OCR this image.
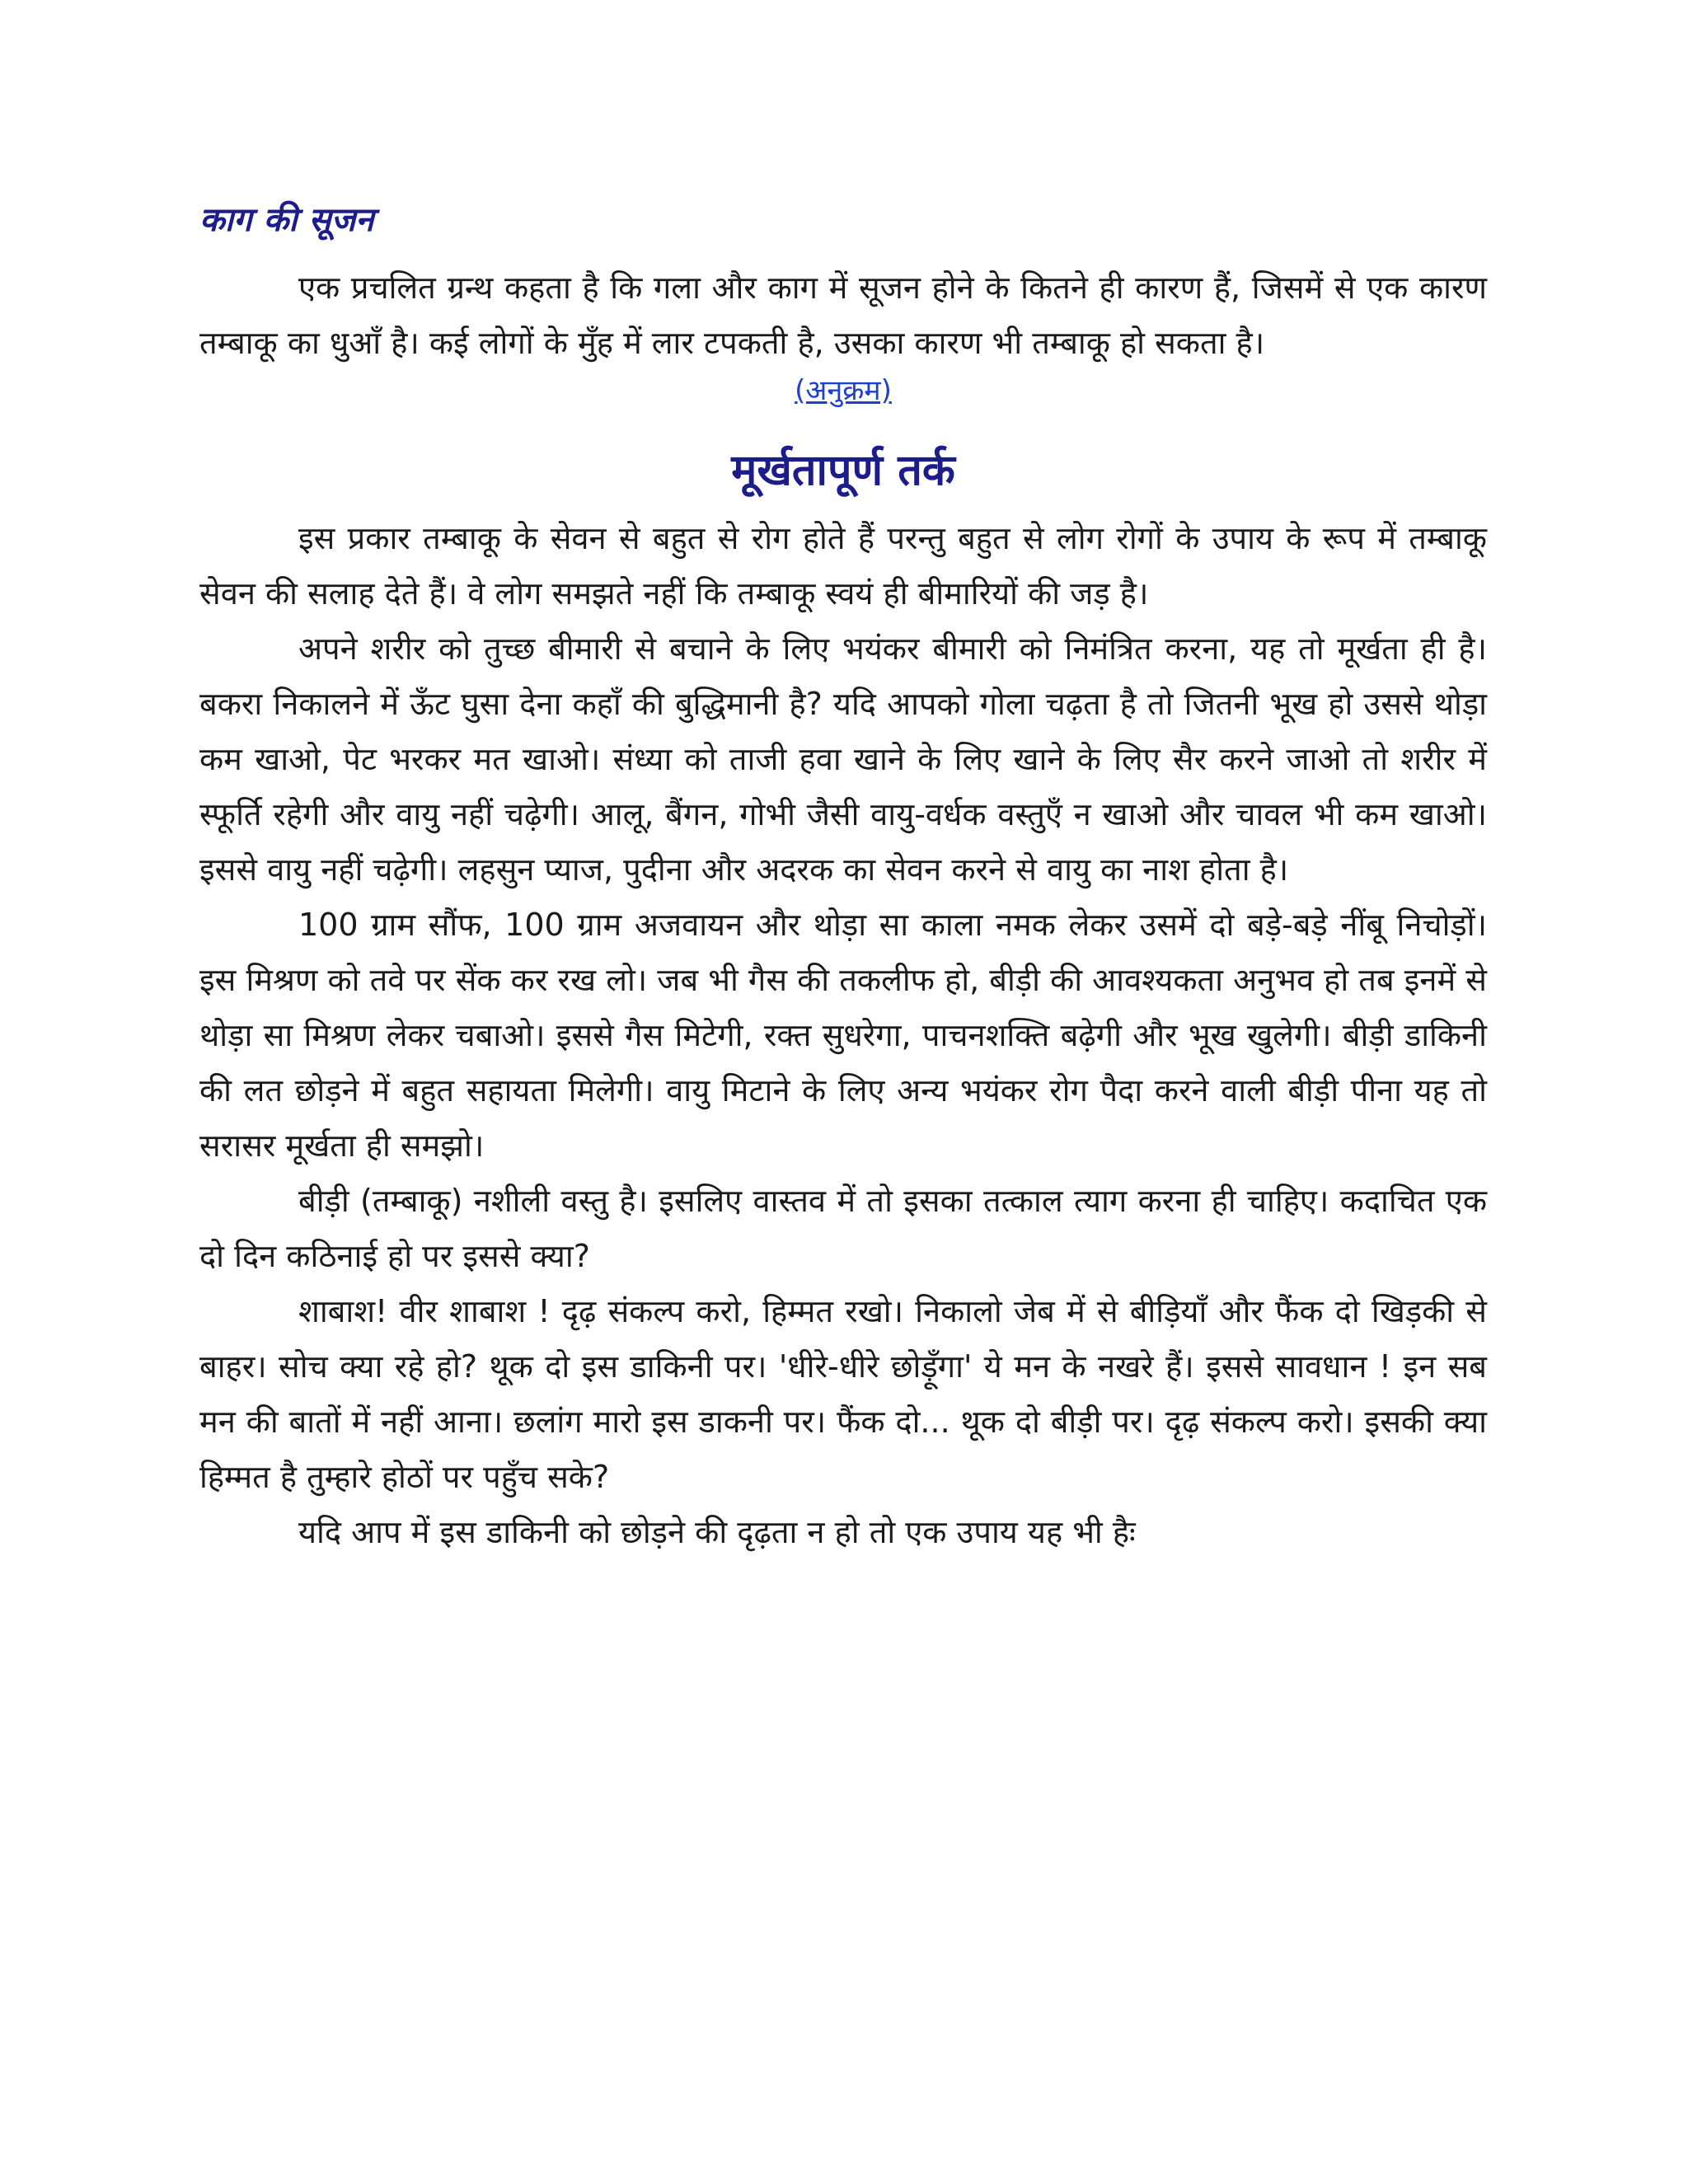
काग की सूजन

एक प्रचलित ग्रन्थ कहता है कि गला और काग में सूजन होने के कितने ही कारण हैं, जिसमें से एक कारण तम्बाकू का धुआँ है। कई लोगों के मुँह में लार टपकती है, उसका कारण भी तम्बाकू हो सकता है।

(अनुक्रम)
मूर्खतापूर्ण तर्क

इस प्रकार तम्बाकू के सेवन से बहुत से रोग होते हैं परन्तु बहुत से लोग रोगों के उपाय के रूप में तम्बाकू सेवन की सलाह देते हैं। वे लोग समझते नहीं कि तम्बाकू स्वयं ही बीमारियों की जड़ है।

अपने शरीर को तुच्छ बीमारी से बचाने के लिए भयंकर बीमारी को निमंत्रित करना, यह तो मूर्खता ही है। बकरा निकालने में ऊँट घुसा देना कहाँ की बुद्धिमानी है? यदि आपको गोला चढ़ता है तो जितनी भूख हो उससे थोड़ा कम खाओ, पेट भरकर मत खाओ। संध्या को ताजी हवा खाने के लिए खाने के लिए सैर करने जाओ तो शरीर में स्फूर्ति रहेगी और वायु नहीं चढ़ेगी। आलू, बैंगन, गोभी जैसी वायु-वर्धक वस्तुएँ न खाओ और चावल भी कम खाओ। इससे वायु नहीं चढ़ेगी। लहसुन प्याज, पुदीना और अदरक का सेवन करने से वायु का नाश होता है।

100 ग्राम सौंफ, 100 ग्राम अजवायन और थोड़ा सा काला नमक लेकर उसमें दो बड़े-बड़े नींबू निचोड़ों। इस मिश्रण को तवे पर सेंक कर रख लो। जब भी गैस की तकलीफ हो, बीड़ी की आवश्यकता अनुभव हो तब इनमें से थोड़ा सा मिश्रण लेकर चबाओ। इससे गैस मिटेगी, रक्त सुधरेगा, पाचनशक्ति बढ़ेगी और भूख खुलेगी। बीड़ी डाकिनी की लत छोड़ने में बहुत सहायता मिलेगी। वायु मिटाने के लिए अन्य भयंकर रोग पैदा करने वाली बीड़ी पीना यह तो सरासर मूर्खता ही समझो।

बीड़ी (तम्बाकू) नशीली वस्तु है। इसलिए वास्तव में तो इसका तत्काल त्याग करना ही चाहिए। कदाचित एक दो दिन कठिनाई हो पर इससे क्या?

शाबाश! वीर शाबाश ! दृढ़ संकल्प करो, हिम्मत रखो। निकालो जेब में से बीड़ियाँ और फैंक दो खिड़की से बाहर। सोच क्या रहे हो? थूक दो इस डाकिनी पर। 'धीरे-धीरे छोड़ूँगा' ये मन के नखरे हैं। इससे सावधान ! इन सब मन की बातों में नहीं आना। छलांग मारो इस डाकनी पर। फैंक दो... थूक दो बीड़ी पर। दृढ़ संकल्प करो। इसकी क्या हिम्मत है तुम्हारे होठों पर पहुँच सके?

यदि आप में इस डाकिनी को छोड़ने की दृढ़ता न हो तो एक उपाय यह भी हैः
